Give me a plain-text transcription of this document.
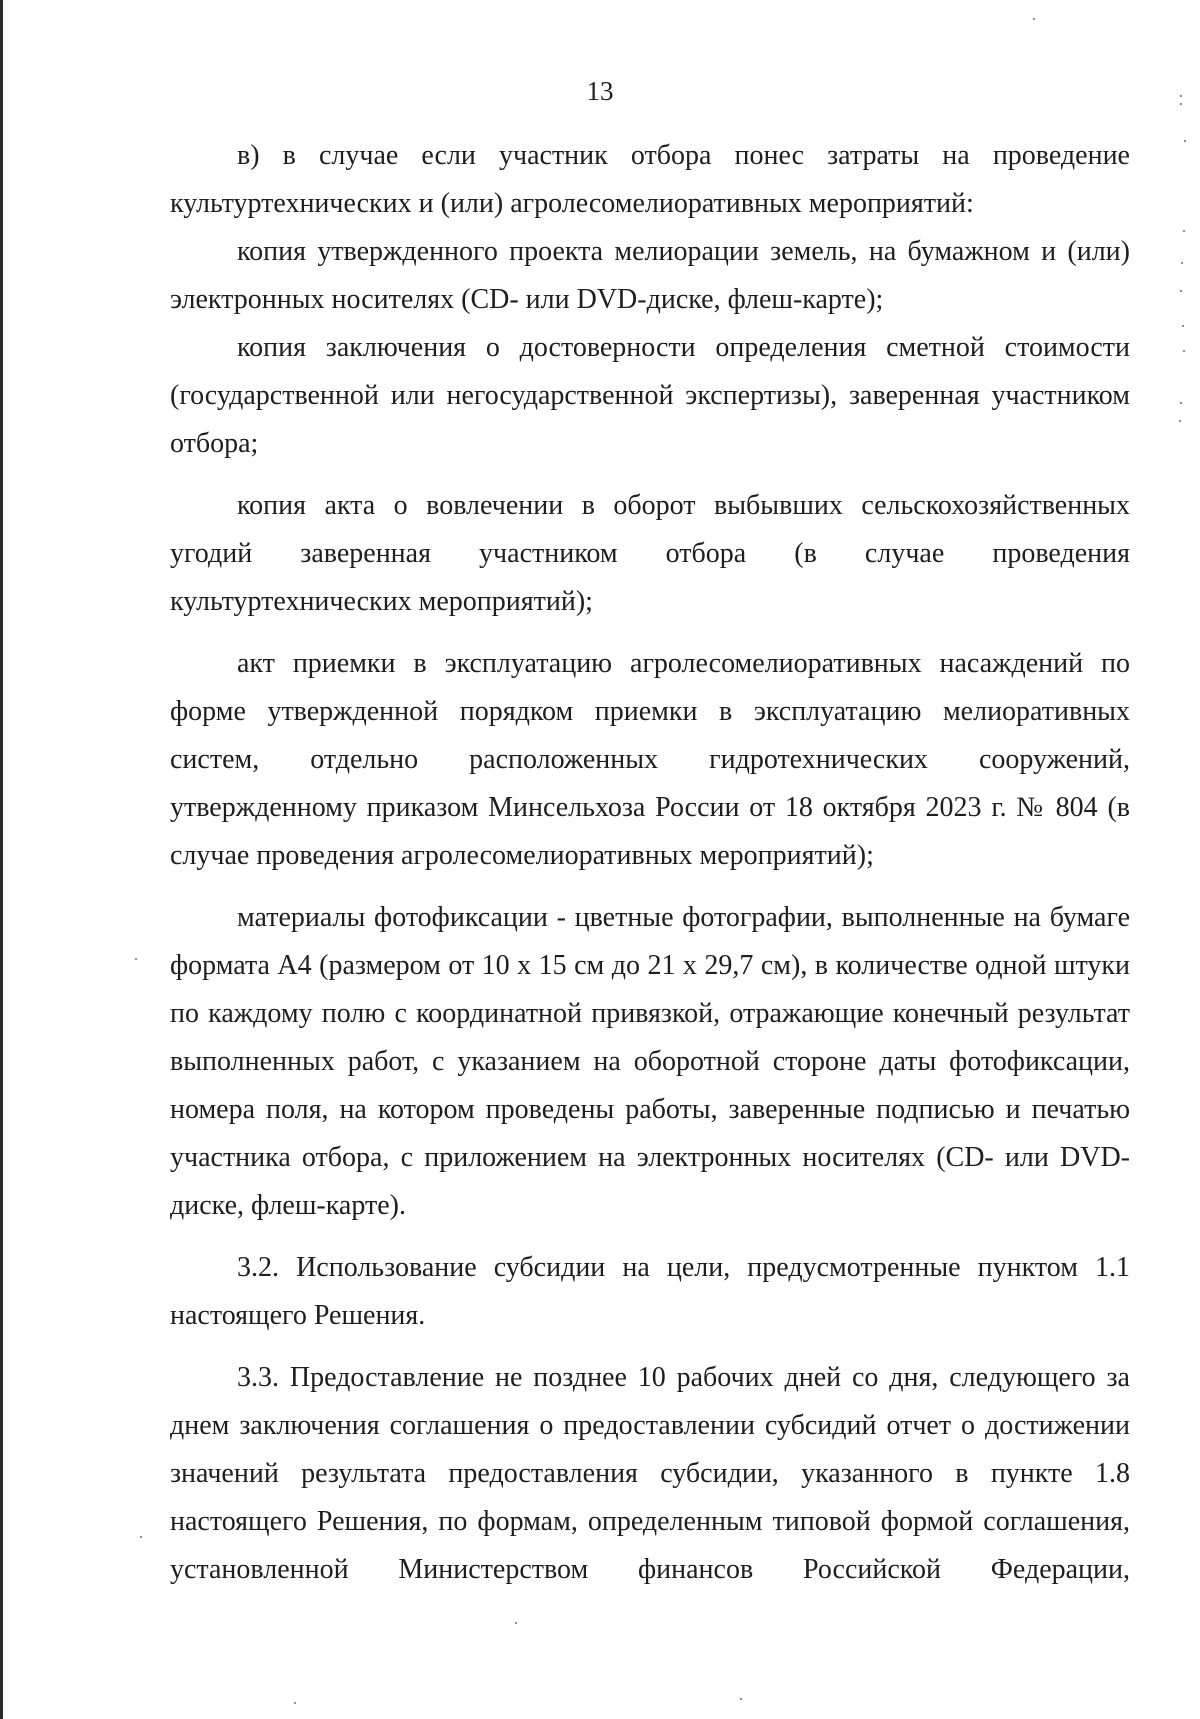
13

в) в случае если участник отбора понес затраты на проведение культуртехнических и (или) агролесомелиоративных мероприятий:

копия утвержденного проекта мелиорации земель, на бумажном и (или) электронных носителях (CD- или DVD-диске, флеш-карте);

копия заключения о достоверности определения сметной стоимости (государственной или негосударственной экспертизы), заверенная участником отбора;

копия акта о вовлечении в оборот выбывших сельскохозяйственных угодий заверенная участником отбора (в случае проведения культуртехнических мероприятий);

акт приемки в эксплуатацию агролесомелиоративных насаждений по форме утвержденной порядком приемки в эксплуатацию мелиоративных систем, отдельно расположенных гидротехнических сооружений, утвержденному приказом Минсельхоза России от 18 октября 2023 г. № 804 (в случае проведения агролесомелиоративных мероприятий);

материалы фотофиксации - цветные фотографии, выполненные на бумаге формата А4 (размером от 10 х 15 см до 21 х 29,7 см), в количестве одной штуки по каждому полю с координатной привязкой, отражающие конечный результат выполненных работ, с указанием на оборотной стороне даты фотофиксации, номера поля, на котором проведены работы, заверенные подписью и печатью участника отбора, с приложением на электронных носителях (CD- или DVD-диске, флеш-карте).

3.2. Использование субсидии на цели, предусмотренные пунктом 1.1 настоящего Решения.

3.3. Предоставление не позднее 10 рабочих дней со дня, следующего за днем заключения соглашения о предоставлении субсидий отчет о достижении значений результата предоставления субсидии, указанного в пункте 1.8 настоящего Решения, по формам, определенным типовой формой соглашения, установленной Министерством финансов Российской Федерации,
